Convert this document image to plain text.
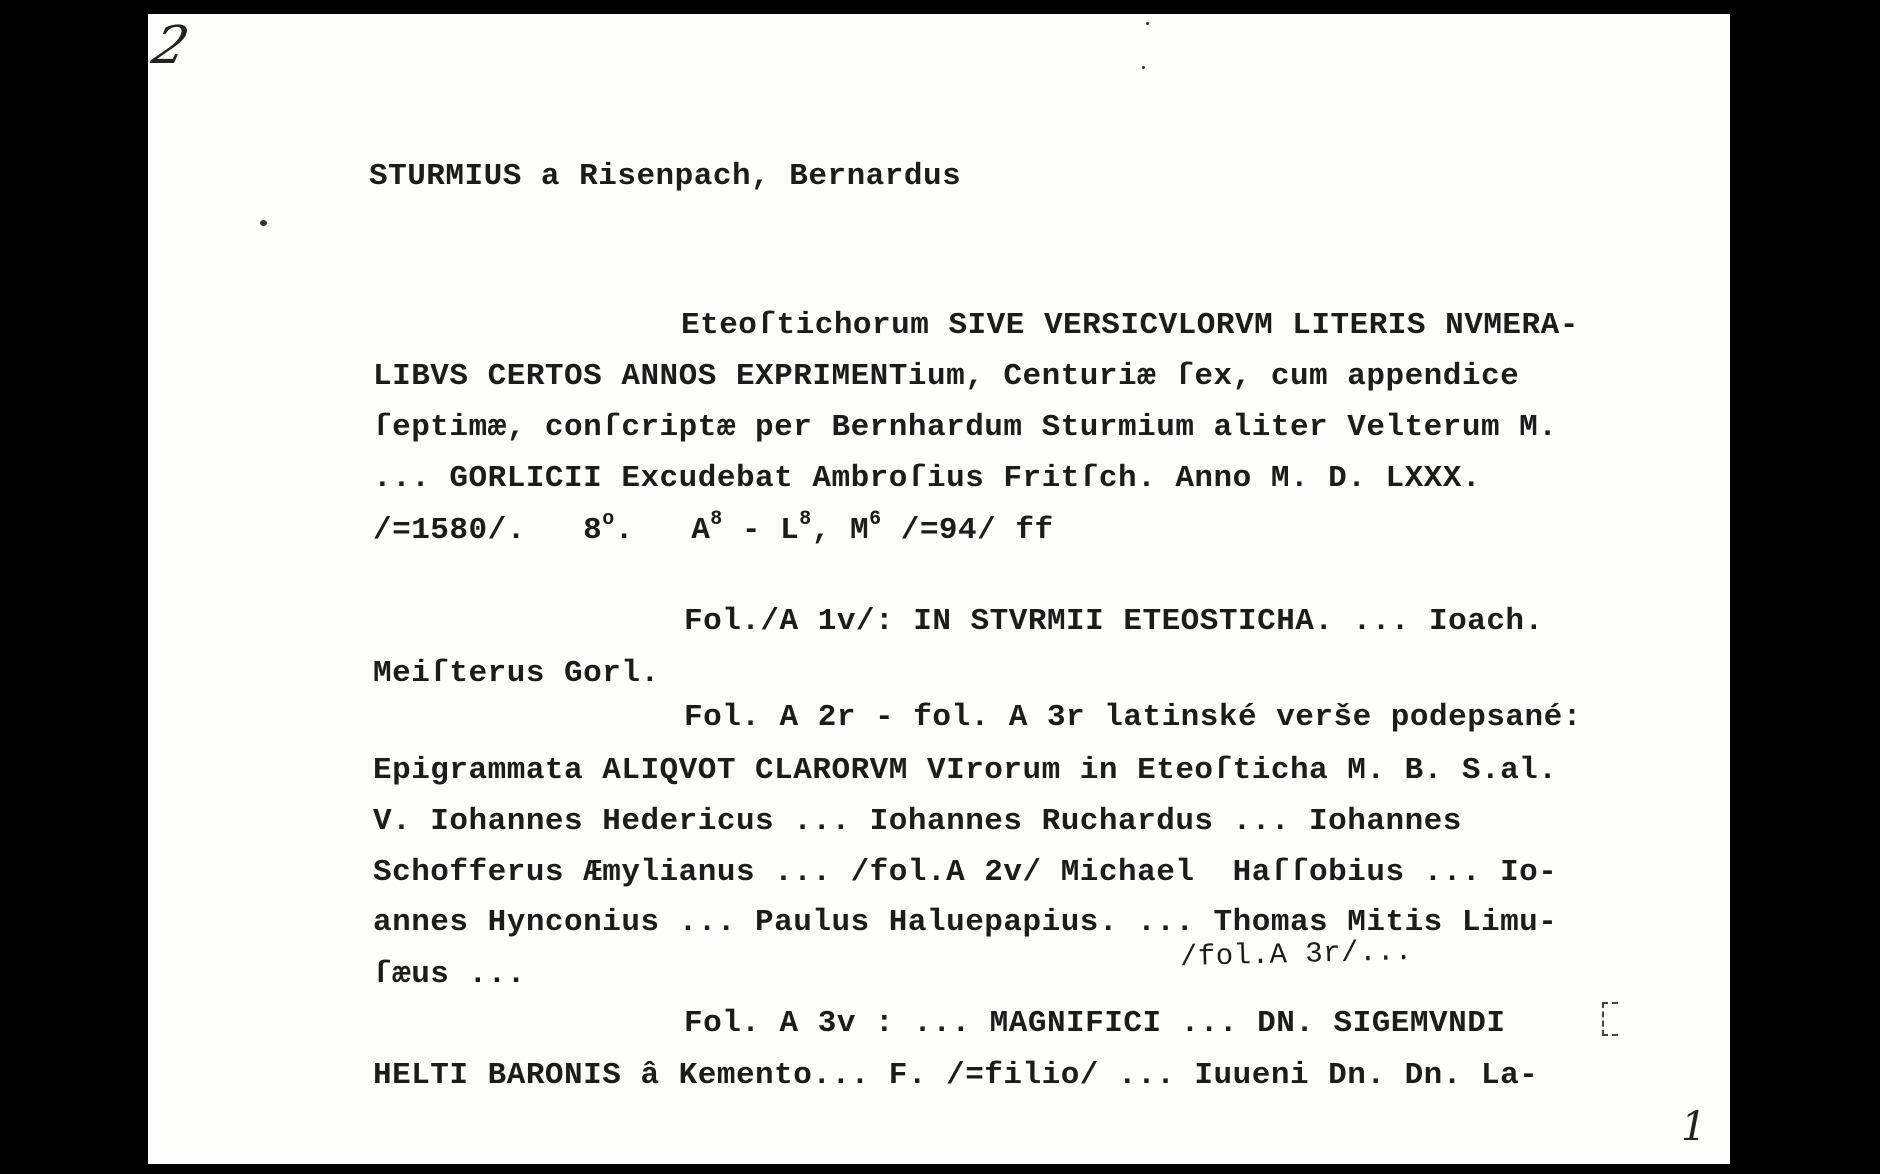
2
STURMIUS a Risenpach, Bernardus
Eteoſtichorum SIVE VERSICVLORVM LITERIS NVMERA-
LIBVS CERTOS ANNOS EXPRIMENTium, Centuriæ ſex, cum appendice
ſeptimæ, conſcriptæ per Bernhardum Sturmium aliter Velterum M.
... GORLICII Excudebat Ambroſius Fritſch. Anno M. D. LXXX.
/=1580/. 8$^o$. $A^8 - L^8$, $M^6$ /=94/ ff
Fol./A 1v/: IN STVRMII ETEOSTICHA. ... Ioach.
Meiſterus Gorl.
Fol. A 2r - fol. A 3r latinské verše podepsané:
Epigrammata ALIQVOT CLARORVM VIrorum in Eteoſticha M. B. S.al.
V. Iohannes Hedericus ... Iohannes Ruchardus ... Iohannes
Schofferus Æmylianus ... /fol.A 2v/ Michael  Haſſobius ... Io-
annes Hynconius ... Paulus Haluepapius. ... Thomas Mitis Limu-
ſæus ...
/fol.A 3r/...
Fol. A 3v : ... MAGNIFICI ... DN. SIGEMVNDI
HELTI BARONIS â Kemento... F. /=filio/ ... Iuueni Dn. Dn. La-
1
